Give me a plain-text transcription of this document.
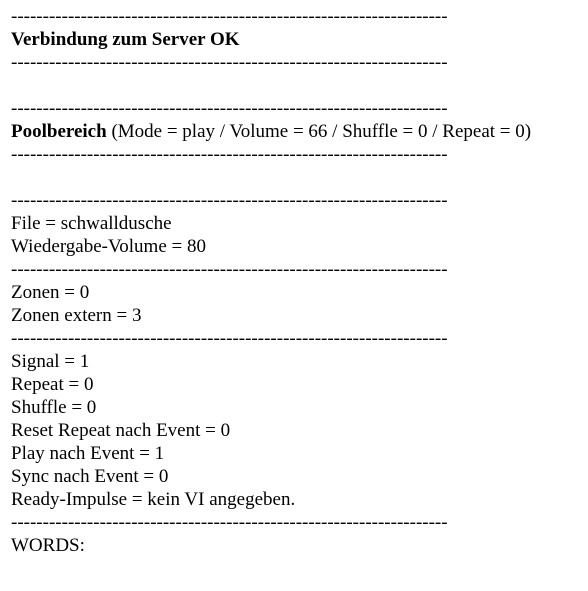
---------------------------------------------------------------------
Verbindung zum Server OK
---------------------------------------------------------------------
---------------------------------------------------------------------
Poolbereich (Mode = play / Volume = 66 / Shuffle = 0 / Repeat = 0)
---------------------------------------------------------------------
---------------------------------------------------------------------
File = schwalldusche
Wiedergabe-Volume = 80
---------------------------------------------------------------------
Zonen = 0
Zonen extern = 3
---------------------------------------------------------------------
Signal = 1
Repeat = 0
Shuffle = 0
Reset Repeat nach Event = 0
Play nach Event = 1
Sync nach Event = 0
Ready-Impulse = kein VI angegeben.
---------------------------------------------------------------------
WORDS:
